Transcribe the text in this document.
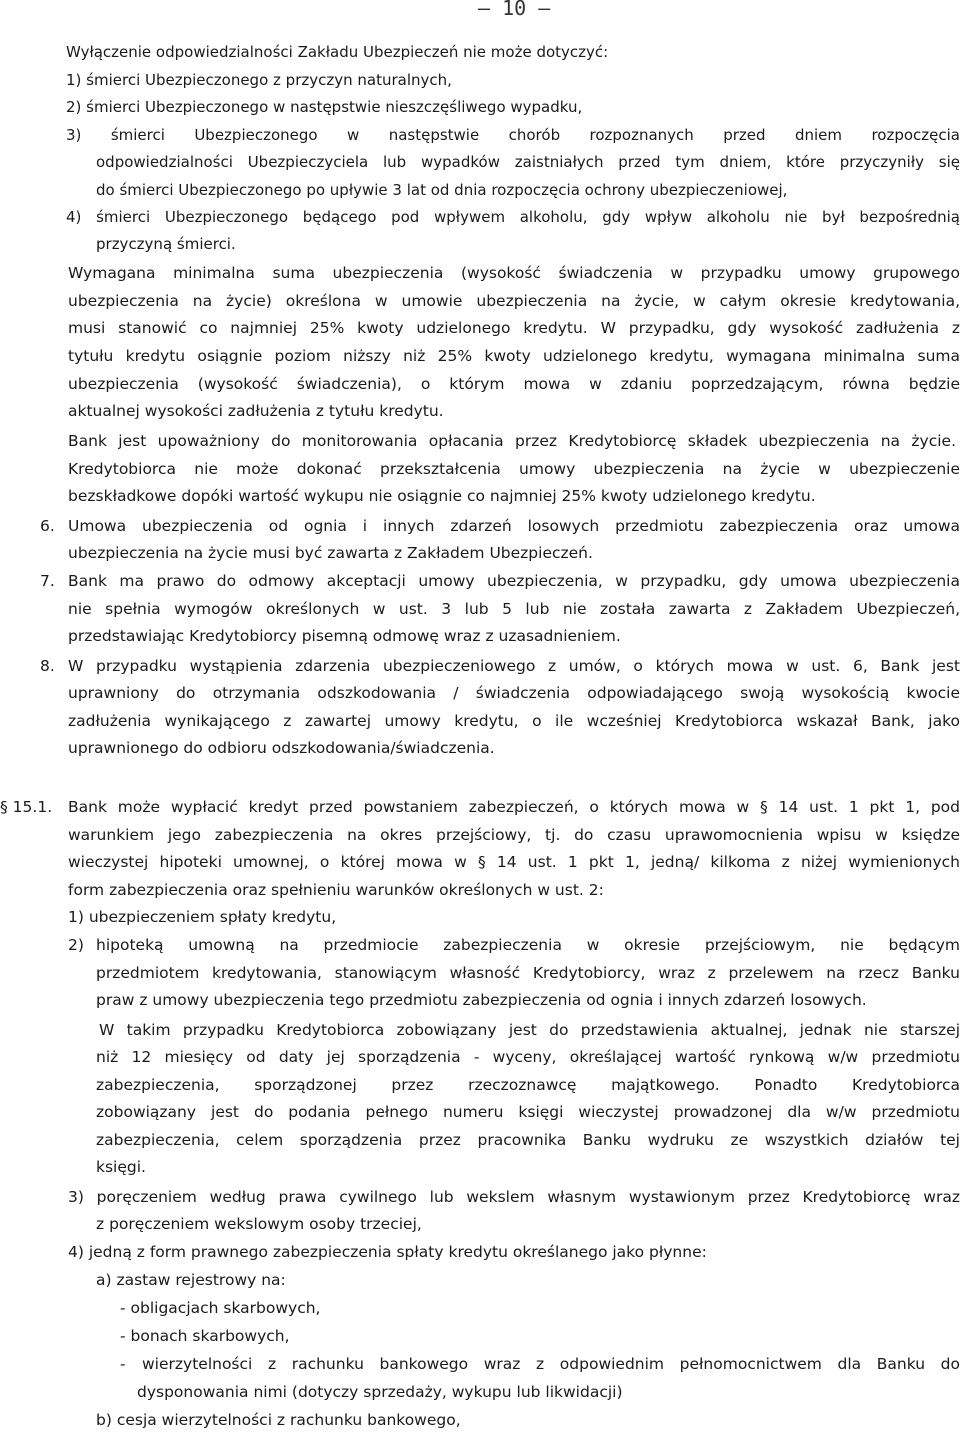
– 10 –
Wyłączenie odpowiedzialności Zakładu Ubezpieczeń nie może dotyczyć:
1) śmierci Ubezpieczonego z przyczyn naturalnych,
2) śmierci Ubezpieczonego w następstwie nieszczęśliwego wypadku,
3) śmierci Ubezpieczonego w następstwie chorób rozpoznanych przed dniem rozpoczęcia
odpowiedzialności Ubezpieczyciela lub wypadków zaistniałych przed tym dniem, które przyczyniły się
do śmierci Ubezpieczonego po upływie 3 lat od dnia rozpoczęcia ochrony ubezpieczeniowej,
4) śmierci Ubezpieczonego będącego pod wpływem alkoholu, gdy wpływ alkoholu nie był bezpośrednią
przyczyną śmierci.
Wymagana minimalna suma ubezpieczenia (wysokość świadczenia w przypadku umowy grupowego
ubezpieczenia na życie) określona w umowie ubezpieczenia na życie, w całym okresie kredytowania,
musi stanowić co najmniej 25% kwoty udzielonego kredytu. W przypadku, gdy wysokość zadłużenia z
tytułu kredytu osiągnie poziom niższy niż 25% kwoty udzielonego kredytu, wymagana minimalna suma
ubezpieczenia (wysokość świadczenia), o którym mowa w zdaniu poprzedzającym, równa będzie
aktualnej wysokości zadłużenia z tytułu kredytu.
Bank jest upoważniony do monitorowania opłacania przez Kredytobiorcę składek ubezpieczenia na życie.
Kredytobiorca nie może dokonać przekształcenia umowy ubezpieczenia na życie w ubezpieczenie
bezskładkowe dopóki wartość wykupu nie osiągnie co najmniej 25% kwoty udzielonego kredytu.
6. Umowa ubezpieczenia od ognia i innych zdarzeń losowych przedmiotu zabezpieczenia oraz umowa
ubezpieczenia na życie musi być zawarta z Zakładem Ubezpieczeń.
7. Bank ma prawo do odmowy akceptacji umowy ubezpieczenia, w przypadku, gdy umowa ubezpieczenia
nie spełnia wymogów określonych w ust. 3 lub 5 lub nie została zawarta z Zakładem Ubezpieczeń,
przedstawiając Kredytobiorcy pisemną odmowę wraz z uzasadnieniem.
8. W przypadku wystąpienia zdarzenia ubezpieczeniowego z umów, o których mowa w ust. 6, Bank jest
uprawniony do otrzymania odszkodowania / świadczenia odpowiadającego swoją wysokością kwocie
zadłużenia wynikającego z zawartej umowy kredytu, o ile wcześniej Kredytobiorca wskazał Bank, jako
uprawnionego do odbioru odszkodowania/świadczenia.
§ 15.1. Bank może wypłacić kredyt przed powstaniem zabezpieczeń, o których mowa w § 14 ust. 1 pkt 1, pod
warunkiem jego zabezpieczenia na okres przejściowy, tj. do czasu uprawomocnienia wpisu w księdze
wieczystej hipoteki umownej, o której mowa w § 14 ust. 1 pkt 1, jedną/ kilkoma z niżej wymienionych
form zabezpieczenia oraz spełnieniu warunków określonych w ust. 2:
1) ubezpieczeniem spłaty kredytu,
2) hipoteką umowną na przedmiocie zabezpieczenia w okresie przejściowym, nie będącym
przedmiotem kredytowania, stanowiącym własność Kredytobiorcy, wraz z przelewem na rzecz Banku
praw z umowy ubezpieczenia tego przedmiotu zabezpieczenia od ognia i innych zdarzeń losowych.
W takim przypadku Kredytobiorca zobowiązany jest do przedstawienia aktualnej, jednak nie starszej
niż 12 miesięcy od daty jej sporządzenia - wyceny, określającej wartość rynkową w/w przedmiotu
zabezpieczenia, sporządzonej przez rzeczoznawcę majątkowego. Ponadto Kredytobiorca
zobowiązany jest do podania pełnego numeru księgi wieczystej prowadzonej dla w/w przedmiotu
zabezpieczenia, celem sporządzenia przez pracownika Banku wydruku ze wszystkich działów tej
księgi.
3) poręczeniem według prawa cywilnego lub wekslem własnym wystawionym przez Kredytobiorcę wraz
z poręczeniem wekslowym osoby trzeciej,
4) jedną z form prawnego zabezpieczenia spłaty kredytu określanego jako płynne:
a) zastaw rejestrowy na:
- obligacjach skarbowych,
- bonach skarbowych,
- wierzytelności z rachunku bankowego wraz z odpowiednim pełnomocnictwem dla Banku do
dysponowania nimi (dotyczy sprzedaży, wykupu lub likwidacji)
b) cesja wierzytelności z rachunku bankowego,
